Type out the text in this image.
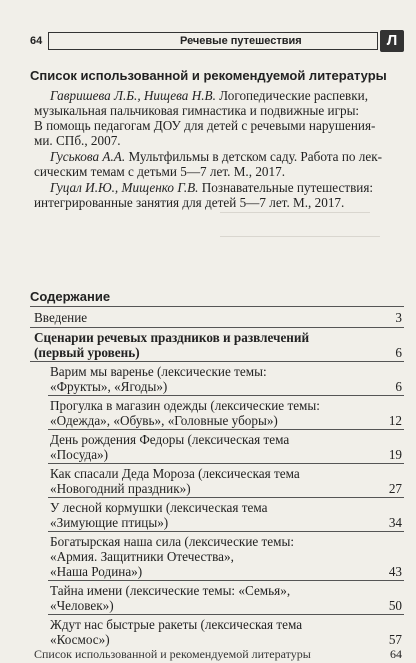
64	Речевые путешествия	Л
Список использованной и рекомендуемой литературы
Гавришева Л.Б., Нищева Н.В. Логопедические распевки,
музыкальная пальчиковая гимнастика и подвижные игры:
В помощь педагогам ДОУ для детей с речевыми нарушения-
ми. СПб., 2007.
Гуськова А.А. Мультфильмы в детском саду. Работа по лек-
сическим темам с детьми 5—7 лет. М., 2017.
Гуцал И.Ю., Мищенко Г.В. Познавательные путешествия:
интегрированные занятия для детей 5—7 лет. М., 2017.
Содержание
Введение	3
Сценарии речевых праздников и развлечений
(первый уровень)	6
Варим мы варенье (лексические темы:
«Фрукты», «Ягоды»)	6
Прогулка в магазин одежды (лексические темы:
«Одежда», «Обувь», «Головные уборы»)	12
День рождения Федоры (лексическая тема
«Посуда»)	19
Как спасали Деда Мороза (лексическая тема
«Новогодний праздник»)	27
У лесной кормушки (лексическая тема
«Зимующие птицы»)	34
Богатырская наша сила (лексические темы:
«Армия. Защитники Отечества»,
«Наша Родина»)	43
Тайна имени (лексические темы: «Семья»,
«Человек»)	50
Ждут нас быстрые ракеты (лексическая тема
«Космос»)	57
Список использованной и рекомендуемой литературы	64
